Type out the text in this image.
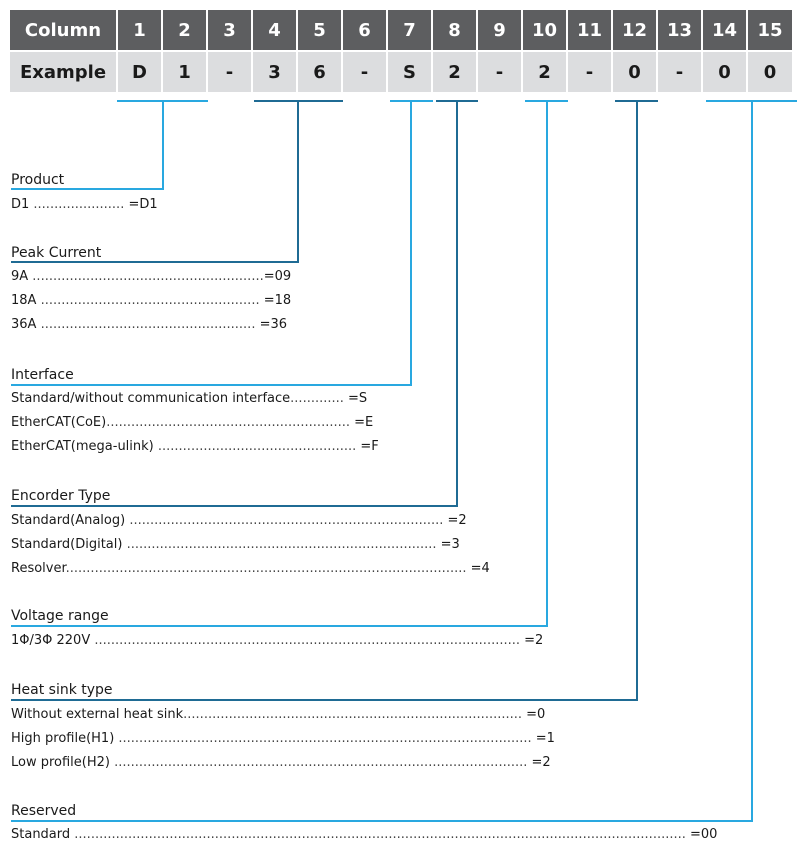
Column	1	2	3	4	5	6	7	8	9	10	11	12	13	14	15
Example	D	1	-	3	6	-	S	2	-	2	-	0	-	0	0
Product
D1 ...................... =D1
Peak Current
9A ........................................................=09
18A ..................................................... =18
36A .................................................... =36
Interface
Standard/without communication interface............. =S
EtherCAT(CoE)........................................................... =E
EtherCAT(mega-ulink) ................................................ =F
Encorder Type
Standard(Analog) ............................................................................ =2
Standard(Digital) ........................................................................... =3
Resolver................................................................................................. =4
Voltage range
1Φ/3Φ 220V ....................................................................................................... =2
Heat sink type
Without external heat sink.................................................................................. =0
High profile(H1) .................................................................................................... =1
Low profile(H2) .................................................................................................... =2
Reserved
Standard .................................................................................................................................................... =00
